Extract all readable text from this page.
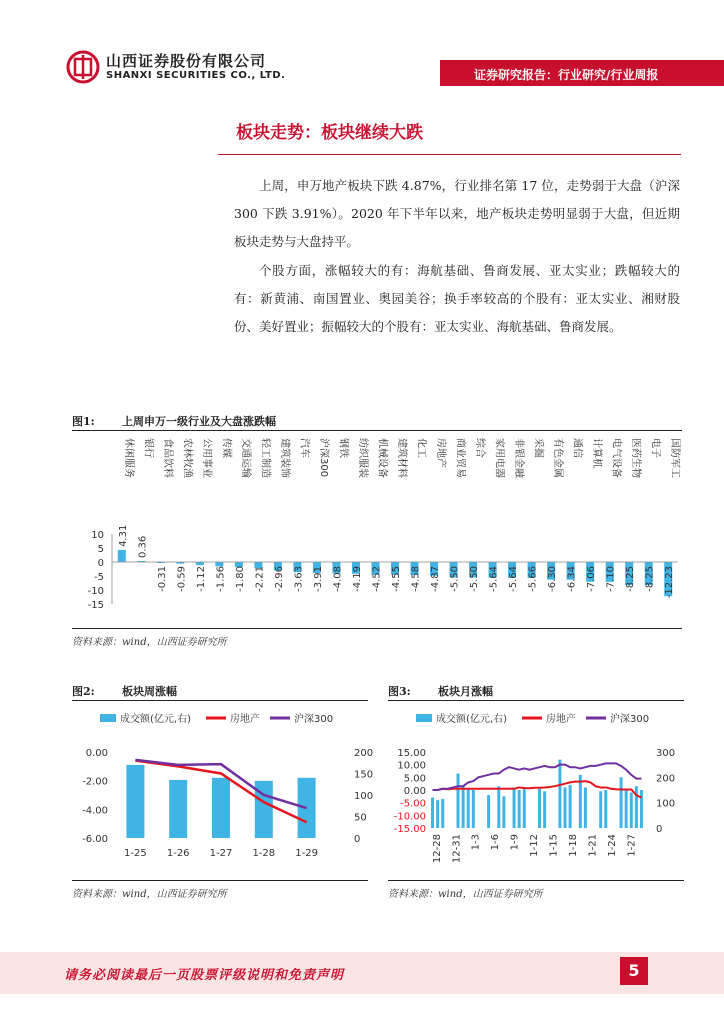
山西证券股份有限公司
SHANXI SECURITIES CO., LTD.	证券研究报告：行业研究/行业周报
板块走势：板块继续大跌
上周，申万地产板块下跌 4.87%，行业排名第 17 位，走势弱于大盘（沪深 300 下跌 3.91%）。2020 年下半年以来，地产板块走势明显弱于大盘，但近期板块走势与大盘持平。
个股方面，涨幅较大的有：海航基础、鲁商发展、亚太实业；跌幅较大的有：新黄浦、南国置业、奥园美谷；换手率较高的个股有：亚太实业、湘财股份、美好置业；振幅较大的个股有：亚太实业、海航基础、鲁商发展。
图1: 上周申万一级行业及大盘涨跌幅
10
5
0
-5
-10
-15
休闲服务
4.31
银行
0.36
食品饮料
-0.31
农林牧渔
-0.59
公用事业
-1.12
传媒
-1.56
交通运输
-1.80
轻工制造
-2.21
建筑装饰
-2.96
汽车
-3.63
沪深300
-3.91
钢铁
-4.08
纺织服装
-4.19
机械设备
-4.52
建筑材料
-4.55
化工
-4.58
房地产
-4.87
商业贸易
-5.50
综合
-5.50
家用电器
-5.64
非银金融
-5.64
采掘
-5.66
有色金属
-6.30
通信
-6.34
计算机
-7.06
电气设备
-7.10
医药生物
-8.25
电子
-8.25
国防军工
-12.23
资料来源：wind，山西证券研究所
图2: 板块周涨幅
成交额(亿元,右)	房地产	沪深300
0.00
-2.00
-4.00
-6.00
200
150
100
50
0
1-25 1-26 1-27 1-28 1-29
资料来源：wind，山西证券研究所
图3: 板块月涨幅
成交额(亿元,右)	房地产	沪深300
15.00
10.00
5.00
0.00
-5.00
-10.00
-15.00
300
200
100
0
12-28 12-31 1-3 1-6 1-9 1-12 1-15 1-18 1-21 1-24 1-27
资料来源：wind，山西证券研究所
请务必阅读最后一页股票评级说明和免责声明	5
